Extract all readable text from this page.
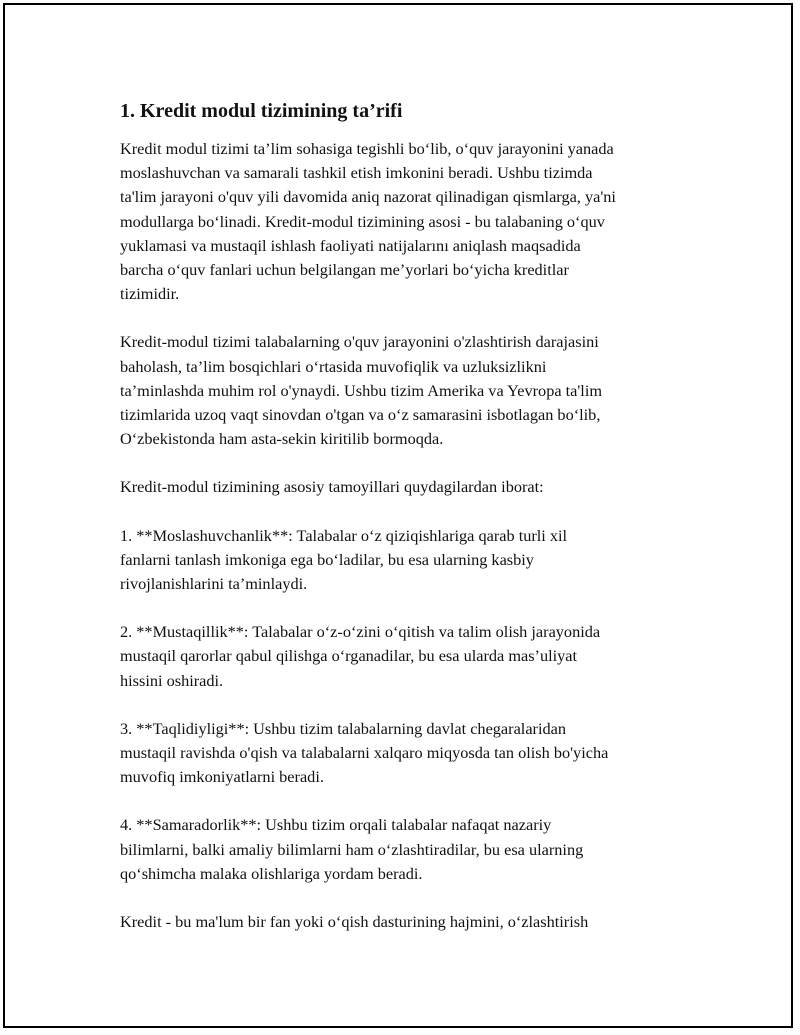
1. Kredit modul tizimining ta’rifi
Kredit modul tizimi ta’lim sohasiga tegishli bo‘lib, o‘quv jarayonini yanada
moslashuvchan va samarali tashkil etish imkonini beradi. Ushbu tizimda
ta'lim jarayoni o'quv yili davomida aniq nazorat qilinadigan qismlarga, ya'ni
modullarga bo‘linadi. Kredit-modul tizimining asosi - bu talabaning o‘quv
yuklamasi va mustaqil ishlash faoliyati natijalarını aniqlash maqsadida
barcha o‘quv fanlari uchun belgilangan me’yorlari bo‘yicha kreditlar
tizimidir.
Kredit-modul tizimi talabalarning o'quv jarayonini o'zlashtirish darajasini
baholash, ta’lim bosqichlari o‘rtasida muvofiqlik va uzluksizlikni
ta’minlashda muhim rol o'ynaydi. Ushbu tizim Amerika va Yevropa ta'lim
tizimlarida uzoq vaqt sinovdan o'tgan va o‘z samarasini isbotlagan bo‘lib,
O‘zbekistonda ham asta-sekin kiritilib bormoqda.
Kredit-modul tizimining asosiy tamoyillari quydagilardan iborat:
1. **Moslashuvchanlik**: Talabalar o‘z qiziqishlariga qarab turli xil
fanlarni tanlash imkoniga ega bo‘ladilar, bu esa ularning kasbiy
rivojlanishlarini ta’minlaydi.
2. **Mustaqillik**: Talabalar o‘z-o‘zini o‘qitish va talim olish jarayonida
mustaqil qarorlar qabul qilishga o‘rganadilar, bu esa ularda mas’uliyat
hissini oshiradi.
3. **Taqlidiyligi**: Ushbu tizim talabalarning davlat chegaralaridan
mustaqil ravishda o'qish va talabalarni xalqaro miqyosda tan olish bo'yicha
muvofiq imkoniyatlarni beradi.
4. **Samaradorlik**: Ushbu tizim orqali talabalar nafaqat nazariy
bilimlarni, balki amaliy bilimlarni ham o‘zlashtiradilar, bu esa ularning
qo‘shimcha malaka olishlariga yordam beradi.
Kredit - bu ma'lum bir fan yoki o‘qish dasturining hajmini, o‘zlashtirish
